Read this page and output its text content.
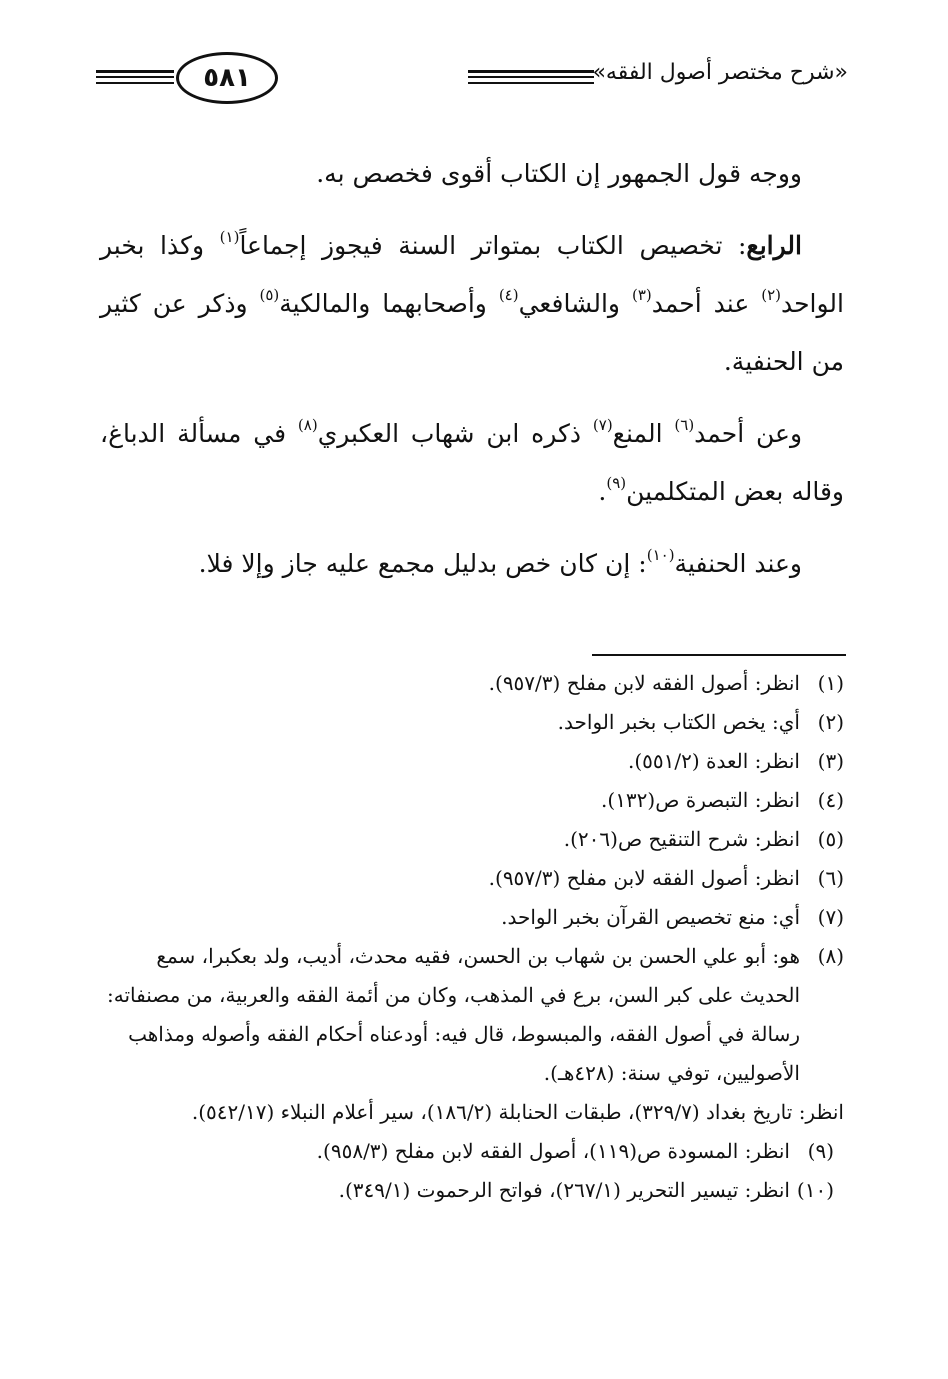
«شرح مختصر أصول الفقه»
٥٨١

ووجه قول الجمهور إن الكتاب أقوى فخصص به.

الرابع: تخصيص الكتاب بمتواتر السنة فيجوز إجماعاً$^{(١)}$ وكذا بخبر الواحد$^{(٢)}$ عند أحمد$^{(٣)}$ والشافعي$^{(٤)}$ وأصحابهما والمالكية$^{(٥)}$ وذكر عن كثير من الحنفية.

وعن أحمد$^{(٦)}$ المنع$^{(٧)}$ ذكره ابن شهاب العكبري$^{(٨)}$ في مسألة الدباغ، وقاله بعض المتكلمين$^{(٩)}$.

وعند الحنفية$^{(١٠)}$: إن كان خص بدليل مجمع عليه جاز وإلا فلا.

(١)
انظر: أصول الفقه لابن مفلح (٩٥٧/٣).
(٢)
أي: يخص الكتاب بخبر الواحد.
(٣)
انظر: العدة (٥٥١/٢).
(٤)
انظر: التبصرة ص(١٣٢).
(٥)
انظر: شرح التنقيح ص(٢٠٦).
(٦)
انظر: أصول الفقه لابن مفلح (٩٥٧/٣).
(٧)
أي: منع تخصيص القرآن بخبر الواحد.
(٨)
هو: أبو علي الحسن بن شهاب بن الحسن، فقيه محدث، أديب، ولد بعكبرا، سمع الحديث على كبر السن، برع في المذهب، وكان من أئمة الفقه والعربية، من مصنفاته: رسالة في أصول الفقه، والمبسوط، قال فيه: أودعناه أحكام الفقه وأصوله ومذاهب الأصوليين، توفي سنة: (٤٢٨هـ).
انظر: تاريخ بغداد (٣٢٩/٧)، طبقات الحنابلة (١٨٦/٢)، سير أعلام النبلاء (٥٤٢/١٧).
(٩)
انظر: المسودة ص(١١٩)، أصول الفقه لابن مفلح (٩٥٨/٣).
(١٠)
انظر: تيسير التحرير (٢٦٧/١)، فواتح الرحموت (٣٤٩/١).
